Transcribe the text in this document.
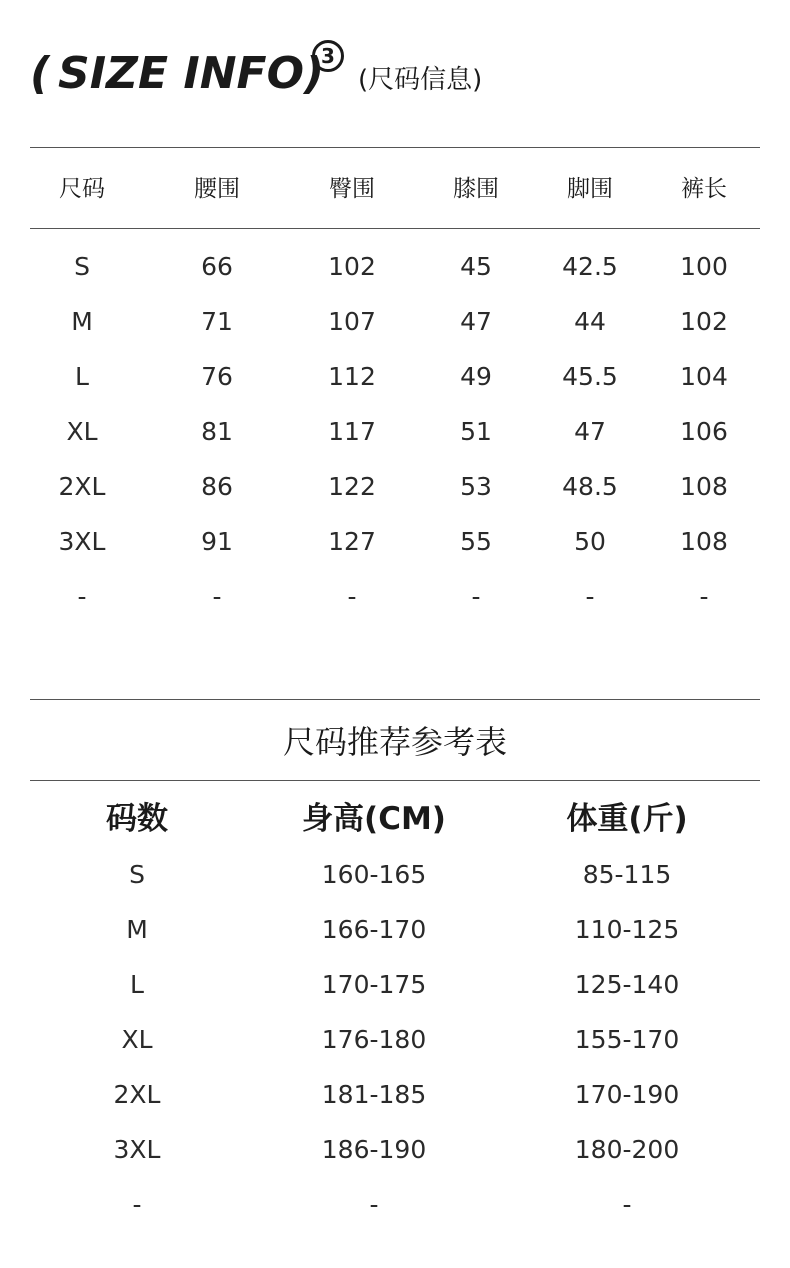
( SIZE INFO )
3
(尺码信息)
尺码	腰围	臀围	膝围	脚围	裤长
S	66	102	45	42.5	100
M	71	107	47	44	102
L	76	112	49	45.5	104
XL	81	117	51	47	106
2XL	86	122	53	48.5	108
3XL	91	127	55	50	108
-	-	-	-	-	-
尺码推荐参考表
码数	身高(CM)	体重(斤)
S	160-165	85-115
M	166-170	110-125
L	170-175	125-140
XL	176-180	155-170
2XL	181-185	170-190
3XL	186-190	180-200
-	-	-
